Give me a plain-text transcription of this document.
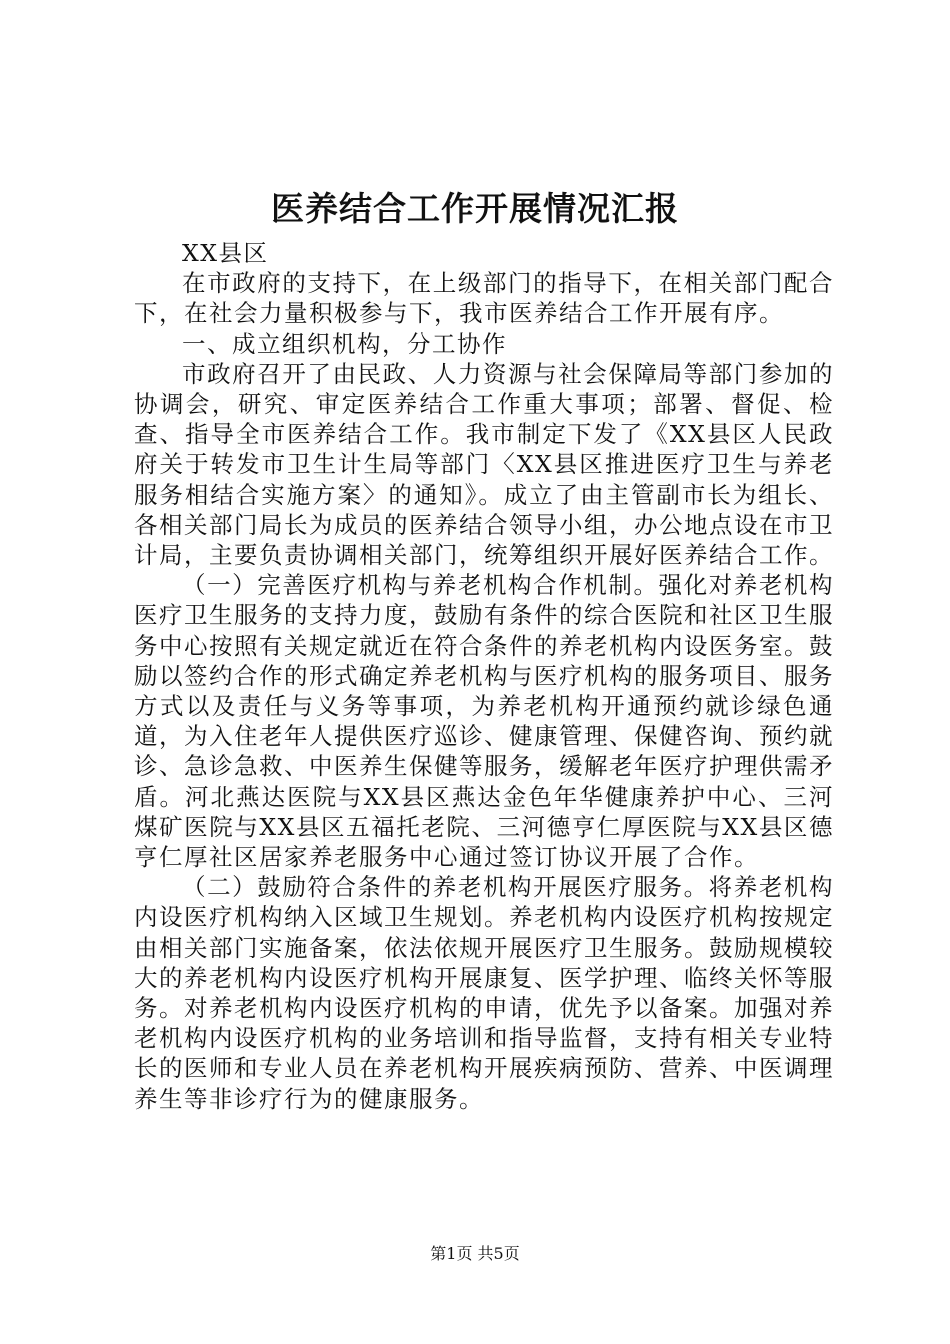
医养结合工作开展情况汇报

XX县区

在市政府的支持下，在上级部门的指导下，在相关部门配合下，在社会力量积极参与下，我市医养结合工作开展有序。

一、成立组织机构，分工协作

市政府召开了由民政、人力资源与社会保障局等部门参加的协调会，研究、审定医养结合工作重大事项；部署、督促、检查、指导全市医养结合工作。我市制定下发了《XX县区人民政府关于转发市卫生计生局等部门〈XX县区推进医疗卫生与养老服务相结合实施方案〉的通知》。成立了由主管副市长为组长、各相关部门局长为成员的医养结合领导小组，办公地点设在市卫计局，主要负责协调相关部门，统筹组织开展好医养结合工作。

（一）完善医疗机构与养老机构合作机制。强化对养老机构医疗卫生服务的支持力度，鼓励有条件的综合医院和社区卫生服务中心按照有关规定就近在符合条件的养老机构内设医务室。鼓励以签约合作的形式确定养老机构与医疗机构的服务项目、服务方式以及责任与义务等事项，为养老机构开通预约就诊绿色通道，为入住老年人提供医疗巡诊、健康管理、保健咨询、预约就诊、急诊急救、中医养生保健等服务，缓解老年医疗护理供需矛盾。河北燕达医院与XX县区燕达金色年华健康养护中心、三河煤矿医院与XX县区五福托老院、三河德亨仁厚医院与XX县区德亨仁厚社区居家养老服务中心通过签订协议开展了合作。

（二）鼓励符合条件的养老机构开展医疗服务。将养老机构内设医疗机构纳入区域卫生规划。养老机构内设医疗机构按规定由相关部门实施备案，依法依规开展医疗卫生服务。鼓励规模较大的养老机构内设医疗机构开展康复、医学护理、临终关怀等服务。对养老机构内设医疗机构的申请，优先予以备案。加强对养老机构内设医疗机构的业务培训和指导监督，支持有相关专业特长的医师和专业人员在养老机构开展疾病预防、营养、中医调理养生等非诊疗行为的健康服务。

第1页 共5页
